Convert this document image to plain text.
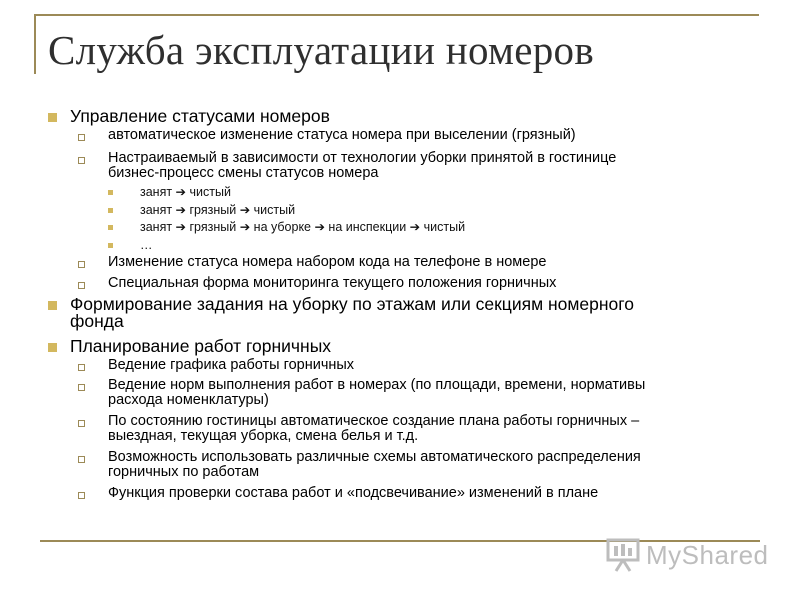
Служба эксплуатации номеров
Управление статусами номеров
автоматическое изменение статуса номера при выселении (грязный)
Настраиваемый в зависимости от технологии уборки принятой в гостинице
бизнес-процесс смены статусов номера
занят ➔ чистый
занят ➔ грязный ➔ чистый
занят ➔ грязный ➔ на уборке ➔ на инспекции ➔ чистый
…
Изменение статуса номера набором кода на телефоне в номере
Специальная форма мониторинга текущего положения горничных
Формирование задания на уборку по этажам или секциям номерного
фонда
Планирование работ горничных
Ведение графика работы горничных
Ведение норм выполнения работ в номерах (по площади, времени, нормативы
расхода номенклатуры)
По состоянию гостиницы автоматическое создание плана работы горничных –
выездная, текущая уборка, смена белья и т.д.
Возможность использовать различные схемы автоматического распределения
горничных по работам
Функция проверки состава работ и «подсвечивание» изменений в плане
MyShared
